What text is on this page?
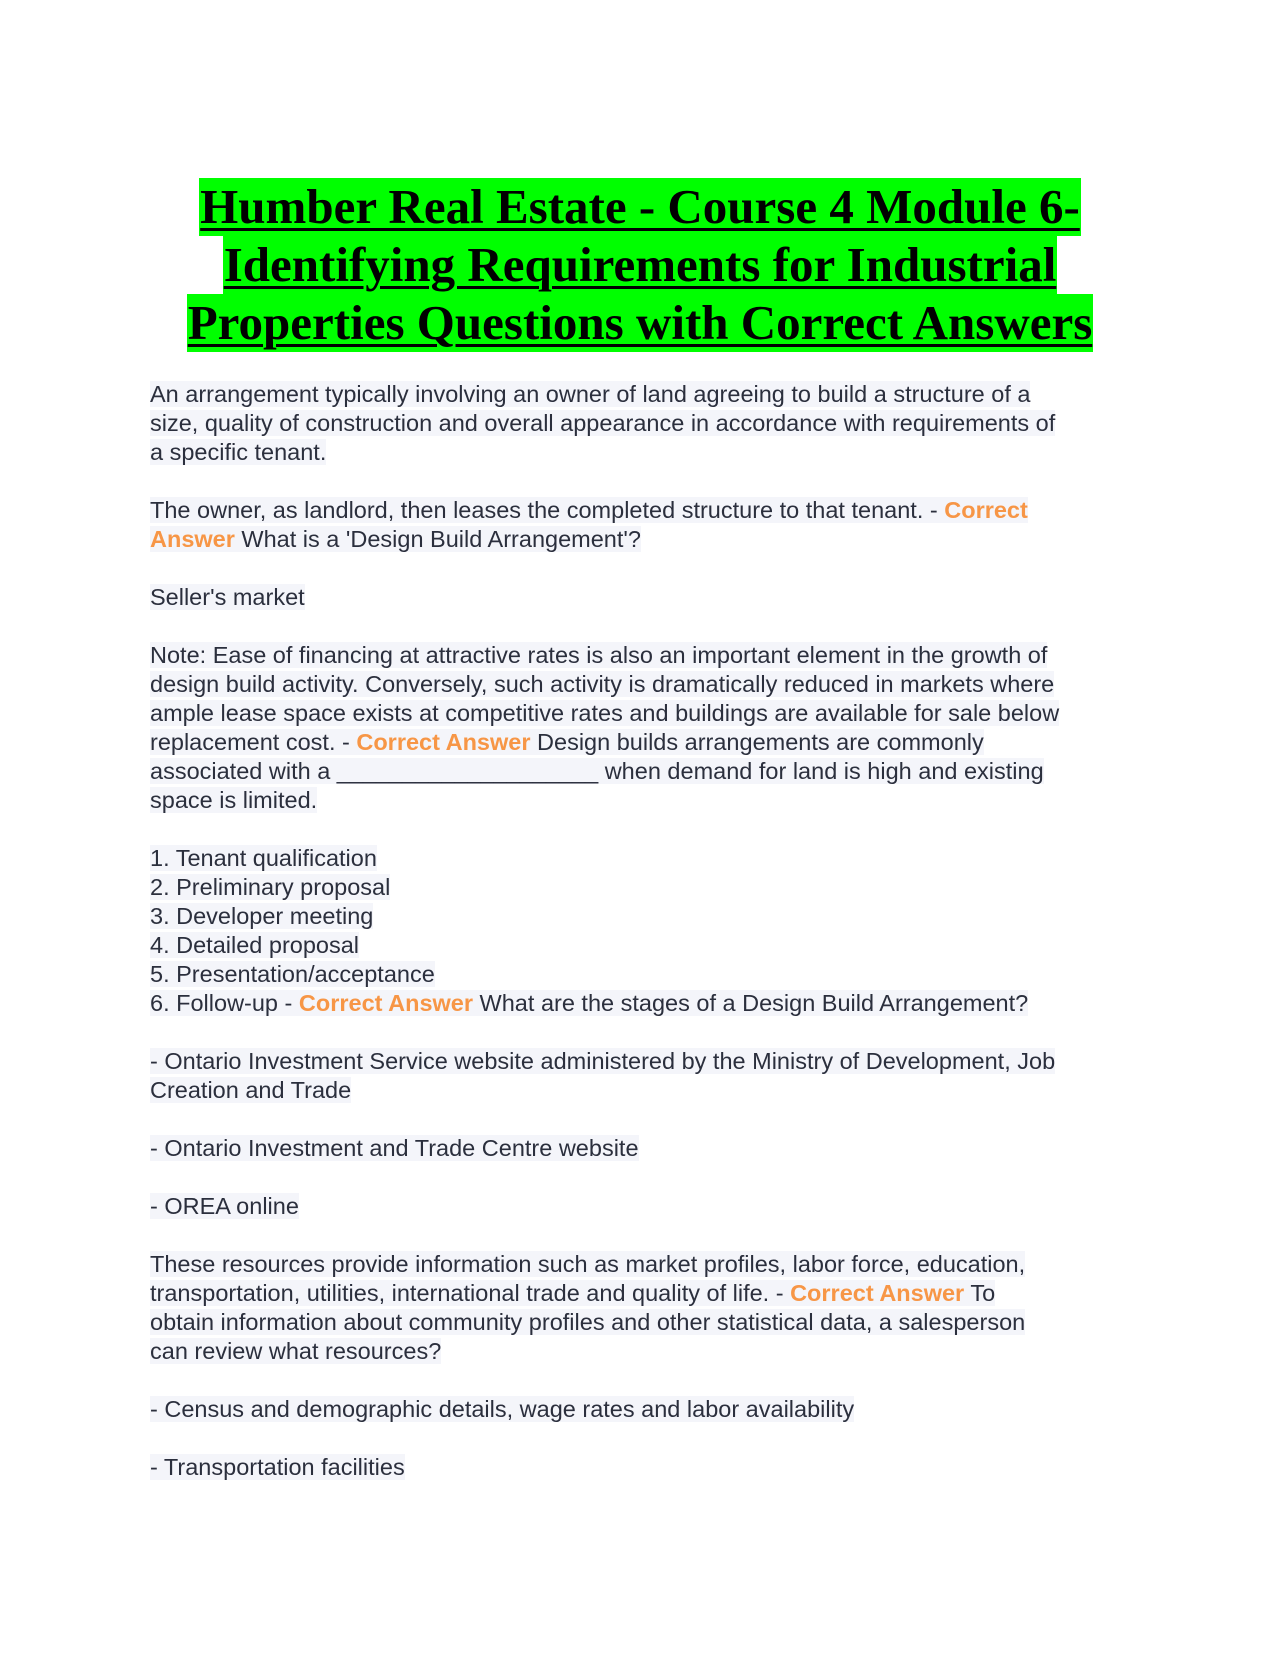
Humber Real Estate - Course 4 Module 6-
Identifying Requirements for Industrial
Properties Questions with Correct Answers
An arrangement typically involving an owner of land agreeing to build a structure of a
size, quality of construction and overall appearance in accordance with requirements of
a specific tenant.
The owner, as landlord, then leases the completed structure to that tenant. - Correct
Answer What is a 'Design Build Arrangement'?
Seller's market
Note: Ease of financing at attractive rates is also an important element in the growth of
design build activity. Conversely, such activity is dramatically reduced in markets where
ample lease space exists at competitive rates and buildings are available for sale below
replacement cost. - Correct Answer Design builds arrangements are commonly
associated with a ____________________ when demand for land is high and existing
space is limited.
1. Tenant qualification
2. Preliminary proposal
3. Developer meeting
4. Detailed proposal
5. Presentation/acceptance
6. Follow-up - Correct Answer What are the stages of a Design Build Arrangement?
- Ontario Investment Service website administered by the Ministry of Development, Job
Creation and Trade
- Ontario Investment and Trade Centre website
- OREA online
These resources provide information such as market profiles, labor force, education,
transportation, utilities, international trade and quality of life. - Correct Answer To
obtain information about community profiles and other statistical data, a salesperson
can review what resources?
- Census and demographic details, wage rates and labor availability
- Transportation facilities
